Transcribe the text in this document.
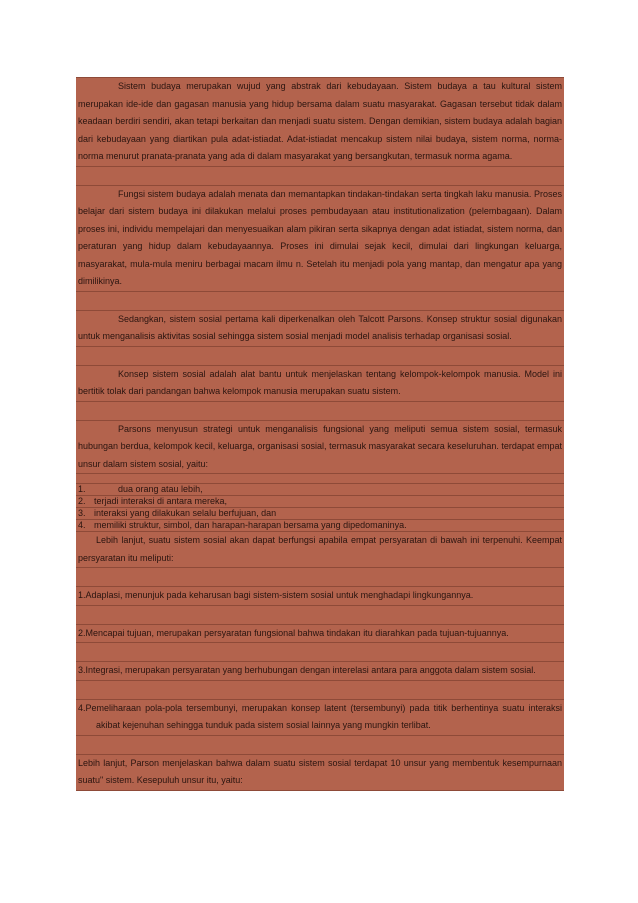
Sistem budaya merupakan wujud yang abstrak dari kebudayaan. Sistem budaya a tau kultural sistem merupakan ide-ide dan gagasan manusia yang hidup bersama dalam suatu masyarakat. Gagasan tersebut tidak dalam keadaan berdiri sendiri, akan tetapi berkaitan dan menjadi suatu sistem. Dengan demikian, sistem budaya adalah bagian dari kebudayaan yang diartikan pula adat-istiadat. Adat-istiadat mencakup sistem nilai budaya, sistem norma, norma-norma menurut pranata-pranata yang ada di dalam masyarakat yang bersangkutan, termasuk norma agama.
Fungsi sistem budaya adalah menata dan memantapkan tindakan-tindakan serta tingkah laku manusia. Proses belajar dari sistem budaya ini dilakukan melalui proses pembudayaan atau institutionalization (pelembagaan). Dalam proses ini, individu mempelajari dan menyesuaikan alam pikiran serta sikapnya dengan adat istiadat, sistem norma, dan peraturan yang hidup dalam kebudayaannya. Proses ini dimulai sejak kecil, dimulai dari lingkungan keluarga, masyarakat, mula-mula meniru berbagai macam ilmu n. Setelah itu menjadi pola yang mantap, dan mengatur apa yang dimilikinya.
Sedangkan, sistem sosial pertama kali diperkenalkan oleh Talcott Parsons. Konsep struktur sosial digunakan untuk menganalisis aktivitas sosial sehingga sistem sosial menjadi model analisis terhadap organisasi sosial.
Konsep sistem sosial adalah alat bantu untuk menjelaskan tentang kelompok-kelompok manusia. Model ini bertitik tolak dari pandangan bahwa kelompok manusia merupakan suatu sistem.
Parsons menyusun strategi untuk menganalisis fungsional yang meliputi semua sistem sosial, termasuk hubungan berdua, kelompok kecil, keluarga, organisasi sosial, termasuk masyarakat secara keseluruhan. terdapat empat unsur dalam sistem sosial, yaitu:
1.	dua orang atau lebih,
2. terjadi interaksi di antara mereka,
3. interaksi yang dilakukan selalu berfujuan, dan
4. memiliki struktur, simbol, dan harapan-harapan bersama yang dipedomaninya.
Lebih lanjut, suatu sistem sosial akan dapat berfungsi apabila empat persyaratan di bawah ini terpenuhi. Keempat persyaratan itu meliputi:
1.Adaplasi, menunjuk pada keharusan bagi sistem-sistem sosial untuk menghadapi lingkungannya.
2.Mencapai tujuan, merupakan persyaratan fungsional bahwa tindakan itu diarahkan pada tujuan-tujuannya.
3.Integrasi, merupakan persyaratan yang berhubungan dengan interelasi antara para anggota dalam sistem sosial.
4.Pemeliharaan pola-pola tersembunyi, merupakan konsep latent (tersembunyi) pada titik berhentinya suatu interaksi akibat kejenuhan sehingga tunduk pada sistem sosial lainnya yang mungkin terlibat.
Lebih lanjut, Parson menjelaskan bahwa dalam suatu sistem sosial terdapat 10 unsur yang membentuk kesempurnaan suatu" sistem. Kesepuluh unsur itu, yaitu:
